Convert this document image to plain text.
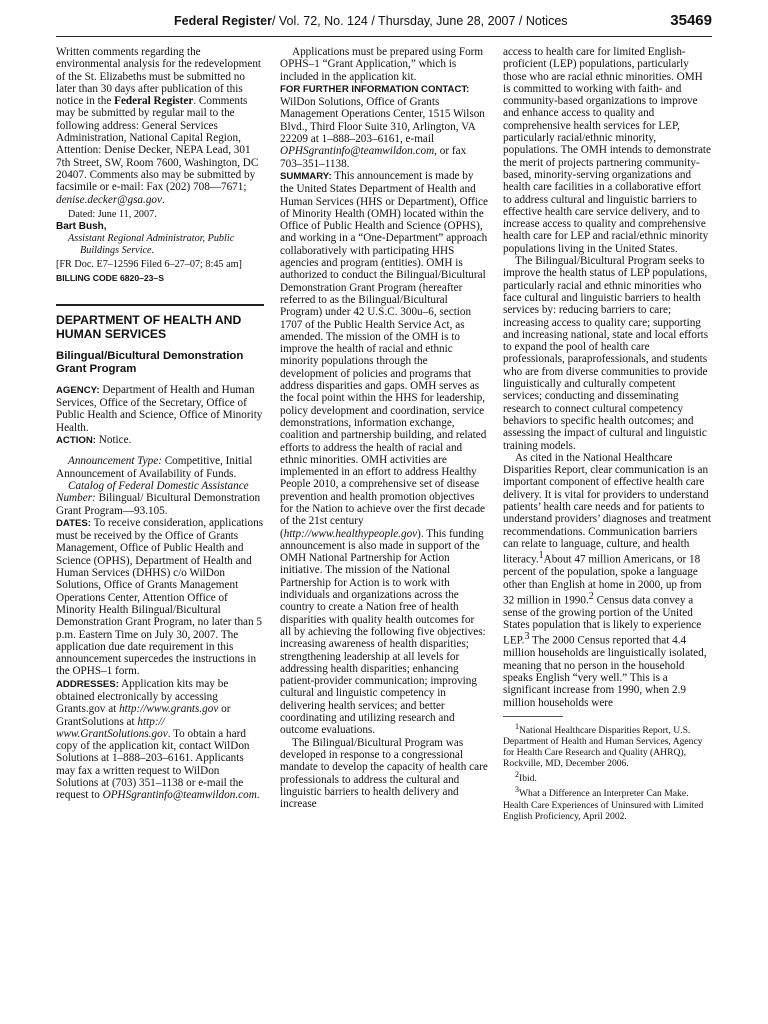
Federal Register/ Vol. 72, No. 124 / Thursday, June 28, 2007 / Notices	35469

Written comments regarding the environmental analysis for the redevelopment of the St. Elizabeths must be submitted no later than 30 days after publication of this notice in the Federal Register. Comments may be submitted by regular mail to the following address: General Services Administration, National Capital Region, Attention: Denise Decker, NEPA Lead, 301 7th Street, SW, Room 7600, Washington, DC 20407. Comments also may be submitted by facsimile or e-mail: Fax (202) 708—7671; denise.decker@gsa.gov.

Dated: June 11, 2007.

Bart Bush,

Assistant Regional Administrator, Public Buildings Service.

[FR Doc. E7–12596 Filed 6–27–07; 8:45 am]

BILLING CODE 6820–23–S

DEPARTMENT OF HEALTH AND HUMAN SERVICES

Bilingual/Bicultural Demonstration Grant Program

AGENCY: Department of Health and Human Services, Office of the Secretary, Office of Public Health and Science, Office of Minority Health.

ACTION: Notice.

Announcement Type: Competitive, Initial Announcement of Availability of Funds.

Catalog of Federal Domestic Assistance Number: Bilingual/ Bicultural Demonstration Grant Program—93.105.

DATES: To receive consideration, applications must be received by the Office of Grants Management, Office of Public Health and Science (OPHS), Department of Health and Human Services (DHHS) c/o WilDon Solutions, Office of Grants Management Operations Center, Attention Office of Minority Health Bilingual/Bicultural Demonstration Grant Program, no later than 5 p.m. Eastern Time on July 30, 2007. The application due date requirement in this announcement supercedes the instructions in the OPHS–1 form.

ADDRESSES: Application kits may be obtained electronically by accessing Grants.gov at http://www.grants.gov or GrantSolutions at http:// www.GrantSolutions.gov. To obtain a hard copy of the application kit, contact WilDon Solutions at 1–888–203–6161. Applicants may fax a written request to WilDon Solutions at (703) 351–1138 or e-mail the request to OPHSgrantinfo@teamwildon.com.

Applications must be prepared using Form OPHS–1 “Grant Application,” which is included in the application kit.

FOR FURTHER INFORMATION CONTACT: WilDon Solutions, Office of Grants Management Operations Center, 1515 Wilson Blvd., Third Floor Suite 310, Arlington, VA 22209 at 1–888–203–6161, e-mail OPHSgrantinfo@teamwildon.com, or fax 703–351–1138.

SUMMARY: This announcement is made by the United States Department of Health and Human Services (HHS or Department), Office of Minority Health (OMH) located within the Office of Public Health and Science (OPHS), and working in a “One-Department” approach collaboratively with participating HHS agencies and program (entities). OMH is authorized to conduct the Bilingual/Bicultural Demonstration Grant Program (hereafter referred to as the Bilingual/Bicultural Program) under 42 U.S.C. 300u–6, section 1707 of the Public Health Service Act, as amended. The mission of the OMH is to improve the health of racial and ethnic minority populations through the development of policies and programs that address disparities and gaps. OMH serves as the focal point within the HHS for leadership, policy development and coordination, service demonstrations, information exchange, coalition and partnership building, and related efforts to address the health of racial and ethnic minorities. OMH activities are implemented in an effort to address Healthy People 2010, a comprehensive set of disease prevention and health promotion objectives for the Nation to achieve over the first decade of the 21st century (http://www.healthypeople.gov). This funding announcement is also made in support of the OMH National Partnership for Action initiative. The mission of the National Partnership for Action is to work with individuals and organizations across the country to create a Nation free of health disparities with quality health outcomes for all by achieving the following five objectives: increasing awareness of health disparities; strengthening leadership at all levels for addressing health disparities; enhancing patient-provider communication; improving cultural and linguistic competency in delivering health services; and better coordinating and utilizing research and outcome evaluations.

The Bilingual/Bicultural Program was developed in response to a congressional mandate to develop the capacity of health care professionals to address the cultural and linguistic barriers to health delivery and increase

access to health care for limited English-proficient (LEP) populations, particularly those who are racial ethnic minorities. OMH is committed to working with faith- and community-based organizations to improve and enhance access to quality and comprehensive health services for LEP, particularly racial/ethnic minority, populations. The OMH intends to demonstrate the merit of projects partnering community-based, minority-serving organizations and health care facilities in a collaborative effort to address cultural and linguistic barriers to effective health care service delivery, and to increase access to quality and comprehensive health care for LEP and racial/ethnic minority populations living in the United States.

The Bilingual/Bicultural Program seeks to improve the health status of LEP populations, particularly racial and ethnic minorities who face cultural and linguistic barriers to health services by: reducing barriers to care; increasing access to quality care; supporting and increasing national, state and local efforts to expand the pool of health care professionals, paraprofessionals, and students who are from diverse communities to provide linguistically and culturally competent services; conducting and disseminating research to connect cultural competency behaviors to specific health outcomes; and assessing the impact of cultural and linguistic training models.

As cited in the National Healthcare Disparities Report, clear communication is an important component of effective health care delivery. It is vital for providers to understand patients’ health care needs and for patients to understand providers’ diagnoses and treatment recommendations. Communication barriers can relate to language, culture, and health literacy.$^1$About 47 million Americans, or 18 percent of the population, spoke a language other than English at home in 2000, up from 32 million in 1990.$^2$ Census data convey a sense of the growing portion of the United States population that is likely to experience LEP.$^3$ The 2000 Census reported that 4.4 million households are linguistically isolated, meaning that no person in the household speaks English “very well.” This is a significant increase from 1990, when 2.9 million households were

$^1$National Healthcare Disparities Report, U.S. Department of Health and Human Services, Agency for Health Care Research and Quality (AHRQ), Rockville, MD, December 2006.

$^2$Ibid.

$^3$What a Difference an Interpreter Can Make. Health Care Experiences of Uninsured with Limited English Proficiency, April 2002.
